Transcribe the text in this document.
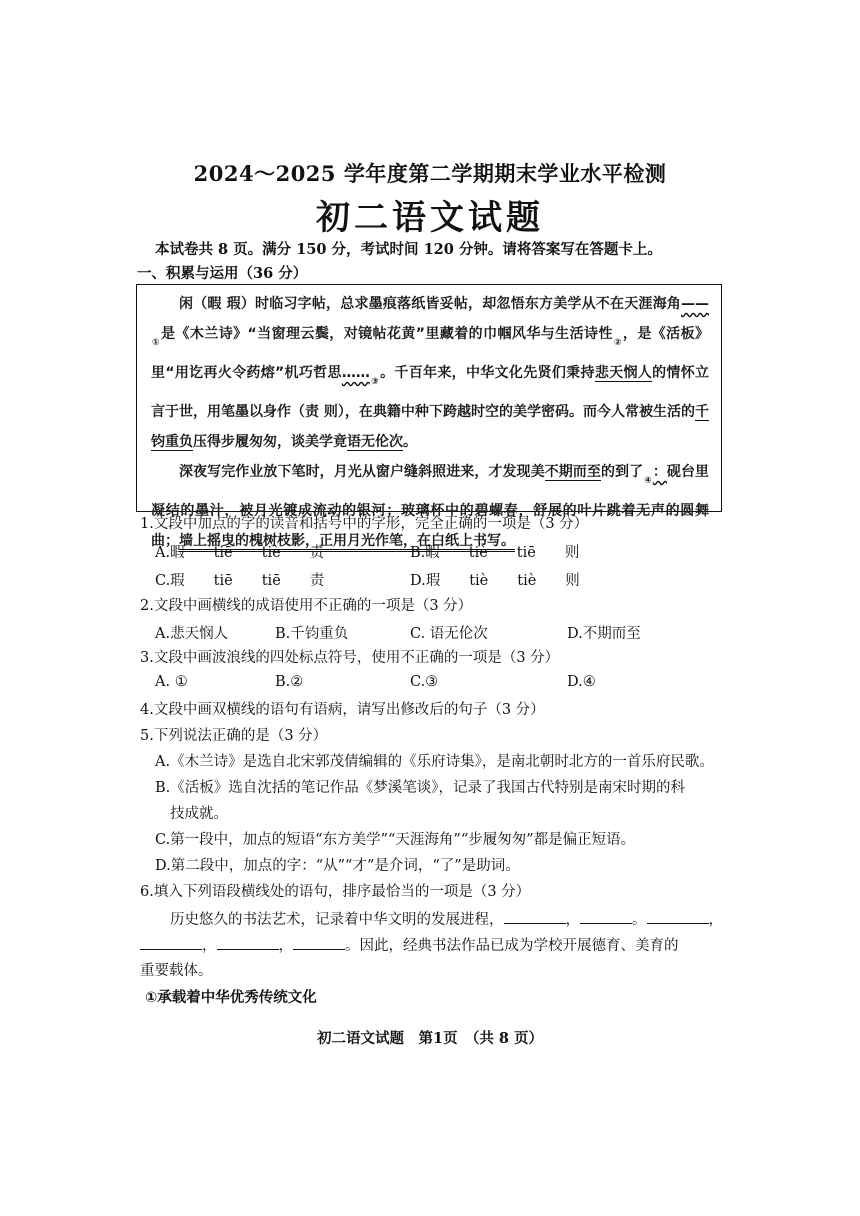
2024～2025 学年度第二学期期末学业水平检测
初二语文试题
本试卷共 8 页。满分 150 分，考试时间 120 分钟。请将答案写在答题卡上。
一、积累与运用（36 分）

闲（暇 瑕）时临习字帖，总求墨痕落纸皆妥帖，却忽悟东方美学从不在天涯海角$——_①$是《木兰诗》“当窗理云鬓，对镜帖花黄”里藏着的巾帼风华与生活诗性$_②$，是《活板》里“用讫再火令药熔”机巧哲思$\dots\dots_③$。千百年来，中华文化先贤们秉持悲天悯人的情怀立言于世，用笔墨以身作（责 则），在典籍中种下跨越时空的美学密码。而今人常被生活的千钧重负压得步履匆匆，谈美学竟语无伦次。

深夜写完作业放下笔时，月光从窗户缝斜照进来，才发现美不期而至的到了$_④$：砚台里凝结的墨汁，被月光镀成流动的银河；玻璃杯中的碧螺春，舒展的叶片跳着无声的圆舞曲；墙上摇曳的槐树枝影，正用月光作笔，在白纸上书写。

1.文段中加点的字的读音和括号中的字形，完全正确的一项是（3 分）
A.暇　　tiē　　tiè　　责	B.暇　　tiè　　tiē　　则
C.瑕　　tiē　　tiē　　责	D.瑕　　tiè　　tiè　　则
2.文段中画横线的成语使用不正确的一项是（3 分）
A.悲天悯人	B.千钧重负	C. 语无伦次	D.不期而至
3.文段中画波浪线的四处标点符号，使用不正确的一项是（3 分）
A. ①	B.②	C.③	D.④
4.文段中画双横线的语句有语病，请写出修改后的句子（3 分）
5.下列说法正确的是（3 分）
A.《木兰诗》是选自北宋郭茂倩编辑的《乐府诗集》，是南北朝时北方的一首乐府民歌。
B.《活板》选自沈括的笔记作品《梦溪笔谈》，记录了我国古代特别是南宋时期的科
技成就。
C.第一段中，加点的短语“东方美学”“天涯海角”“步履匆匆”都是偏正短语。
D.第二段中，加点的字：“从”“才”是介词，“了”是助词。
6.填入下列语段横线处的语句，排序最恰当的一项是（3 分）
历史悠久的书法艺术，记录着中华文明的发展进程，	，	。	，
，	，	。因此，经典书法作品已成为学校开展德育、美育的
重要载体。
①承载着中华优秀传统文化
初二语文试题　第1页　（共 8 页）
